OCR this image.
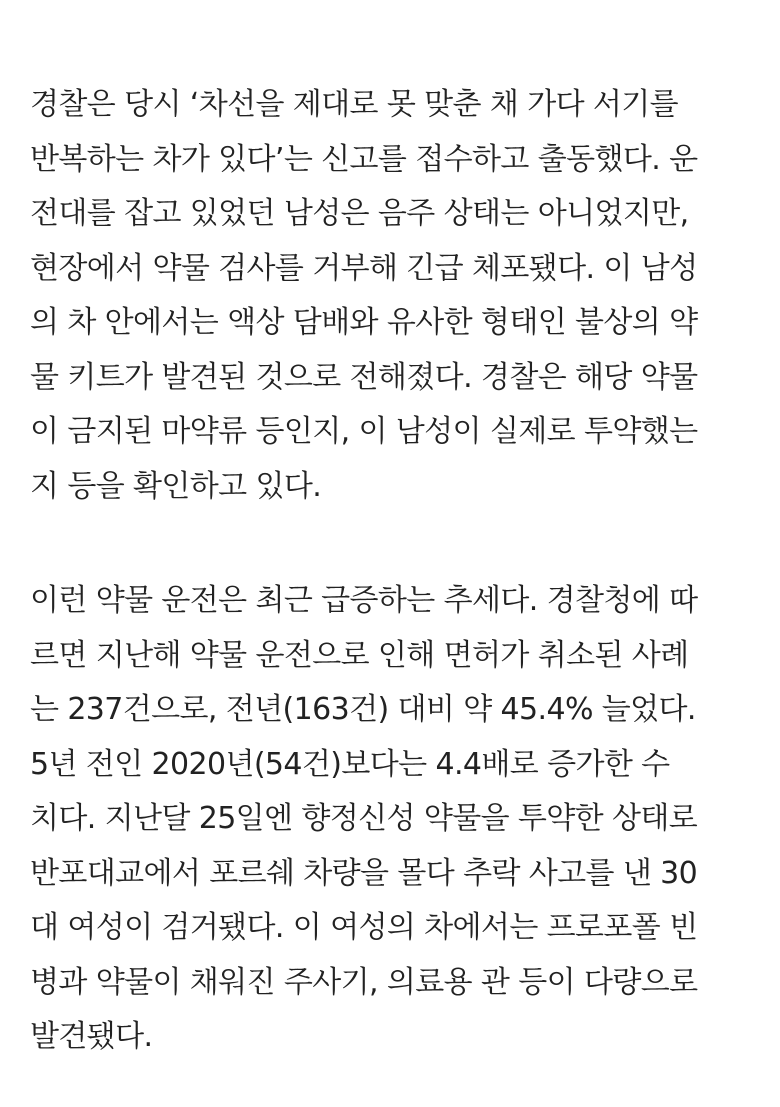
경찰은 당시 ‘차선을 제대로 못 맞춘 채 가다 서기를
반복하는 차가 있다’는 신고를 접수하고 출동했다. 운
전대를 잡고 있었던 남성은 음주 상태는 아니었지만,
현장에서 약물 검사를 거부해 긴급 체포됐다. 이 남성
의 차 안에서는 액상 담배와 유사한 형태인 불상의 약
물 키트가 발견된 것으로 전해졌다. 경찰은 해당 약물
이 금지된 마약류 등인지, 이 남성이 실제로 투약했는
지 등을 확인하고 있다.

이런 약물 운전은 최근 급증하는 추세다. 경찰청에 따
르면 지난해 약물 운전으로 인해 면허가 취소된 사례
는 237건으로, 전년(163건) 대비 약 45.4% 늘었다.
5년 전인 2020년(54건)보다는 4.4배로 증가한 수
치다. 지난달 25일엔 향정신성 약물을 투약한 상태로
반포대교에서 포르쉐 차량을 몰다 추락 사고를 낸 30
대 여성이 검거됐다. 이 여성의 차에서는 프로포폴 빈
병과 약물이 채워진 주사기, 의료용 관 등이 다량으로
발견됐다.
